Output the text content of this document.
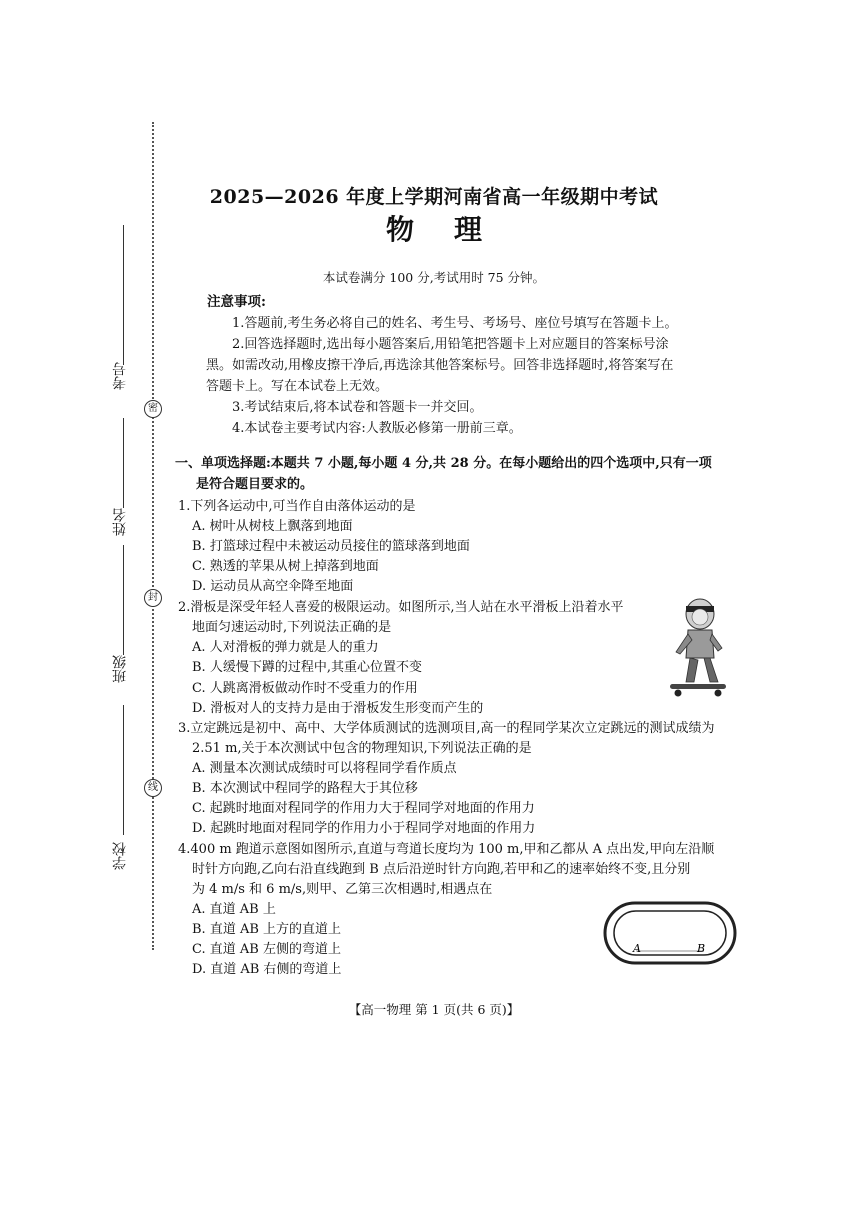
考号
姓名
班级
学校
密
封
线
2025—2026 年度上学期河南省高一年级期中考试
物理
本试卷满分 100 分,考试用时 75 分钟。
注意事项:
1.答题前,考生务必将自己的姓名、考生号、考场号、座位号填写在答题卡上。
2.回答选择题时,选出每小题答案后,用铅笔把答题卡上对应题目的答案标号涂
黑。如需改动,用橡皮擦干净后,再选涂其他答案标号。回答非选择题时,将答案写在
答题卡上。写在本试卷上无效。
3.考试结束后,将本试卷和答题卡一并交回。
4.本试卷主要考试内容:人教版必修第一册前三章。
一、单项选择题:本题共 7 小题,每小题 4 分,共 28 分。在每小题给出的四个选项中,只有一项
是符合题目要求的。
1.下列各运动中,可当作自由落体运动的是
A. 树叶从树枝上飘落到地面
B. 打篮球过程中未被运动员接住的篮球落到地面
C. 熟透的苹果从树上掉落到地面
D. 运动员从高空伞降至地面
2.滑板是深受年轻人喜爱的极限运动。如图所示,当人站在水平滑板上沿着水平
地面匀速运动时,下列说法正确的是
A. 人对滑板的弹力就是人的重力
B. 人缓慢下蹲的过程中,其重心位置不变
C. 人跳离滑板做动作时不受重力的作用
D. 滑板对人的支持力是由于滑板发生形变而产生的
3.立定跳远是初中、高中、大学体质测试的选测项目,高一的程同学某次立定跳远的测试成绩为
2.51 m,关于本次测试中包含的物理知识,下列说法正确的是
A. 测量本次测试成绩时可以将程同学看作质点
B. 本次测试中程同学的路程大于其位移
C. 起跳时地面对程同学的作用力大于程同学对地面的作用力
D. 起跳时地面对程同学的作用力小于程同学对地面的作用力
4.400 m 跑道示意图如图所示,直道与弯道长度均为 100 m,甲和乙都从 A 点出发,甲向左沿顺
时针方向跑,乙向右沿直线跑到 B 点后沿逆时针方向跑,若甲和乙的速率始终不变,且分别
为 4 m/s 和 6 m/s,则甲、乙第三次相遇时,相遇点在
A. 直道 AB 上
B. 直道 AB 上方的直道上
C. 直道 AB 左侧的弯道上
D. 直道 AB 右侧的弯道上
A	B
【高一物理 第 1 页(共 6 页)】
